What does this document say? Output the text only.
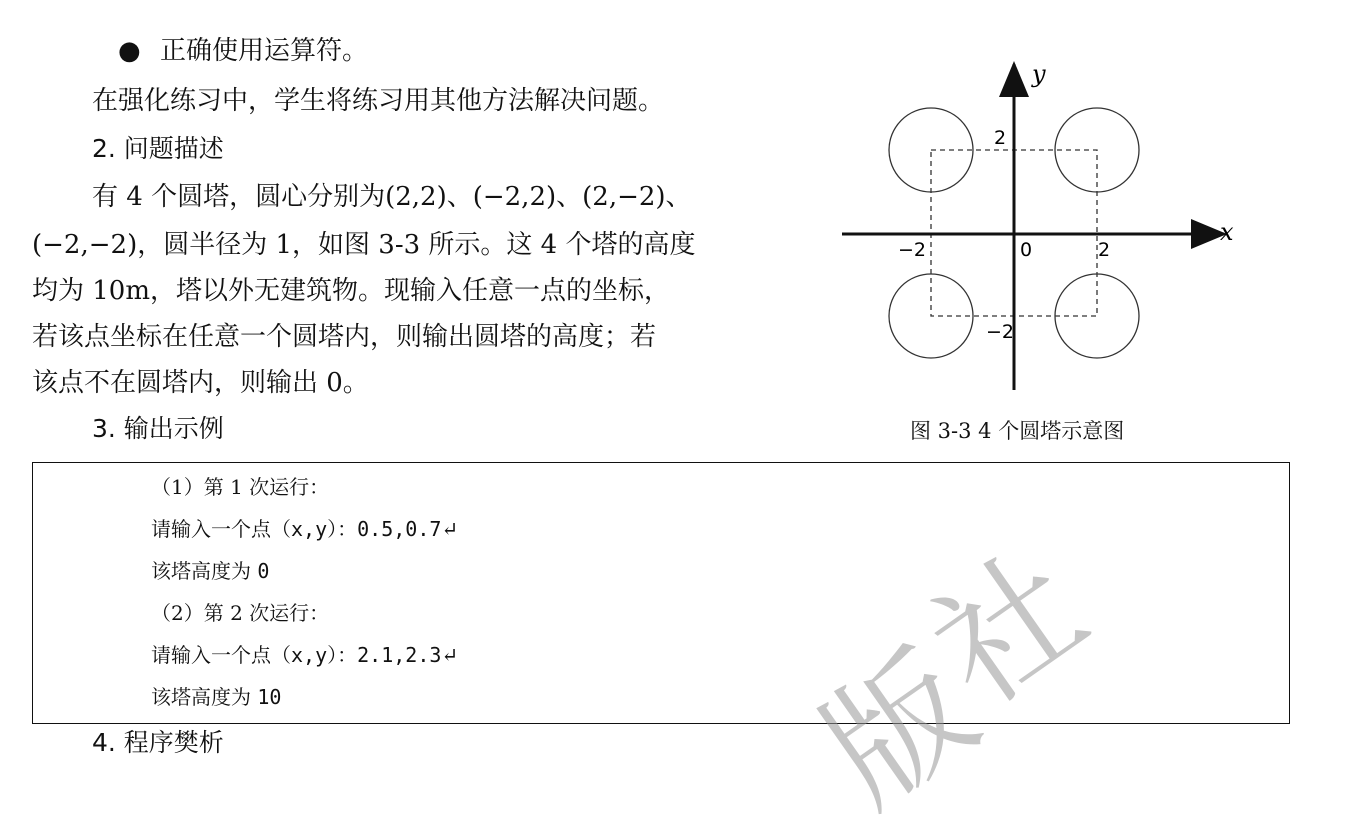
● 正确使用运算符。
在强化练习中，学生将练习用其他方法解决问题。
2. 问题描述
有 4 个圆塔，圆心分别为(2,2)、(−2,2)、(2,−2)、
(−2,−2)，圆半径为 1，如图 3-3 所示。这 4 个塔的高度
均为 10m，塔以外无建筑物。现输入任意一点的坐标，
若该点坐标在任意一个圆塔内，则输出圆塔的高度；若
该点不在圆塔内，则输出 0。
3. 输出示例
y
x
2
−2
0	2
−2
图 3-3 4 个圆塔示意图
（1）第 1 次运行：
请输入一个点（x,y）：0.5,0.7↵
该塔高度为 0
（2）第 2 次运行：
请输入一个点（x,y）：2.1,2.3↵
该塔高度为 10
4. 程序樊析
社
版
